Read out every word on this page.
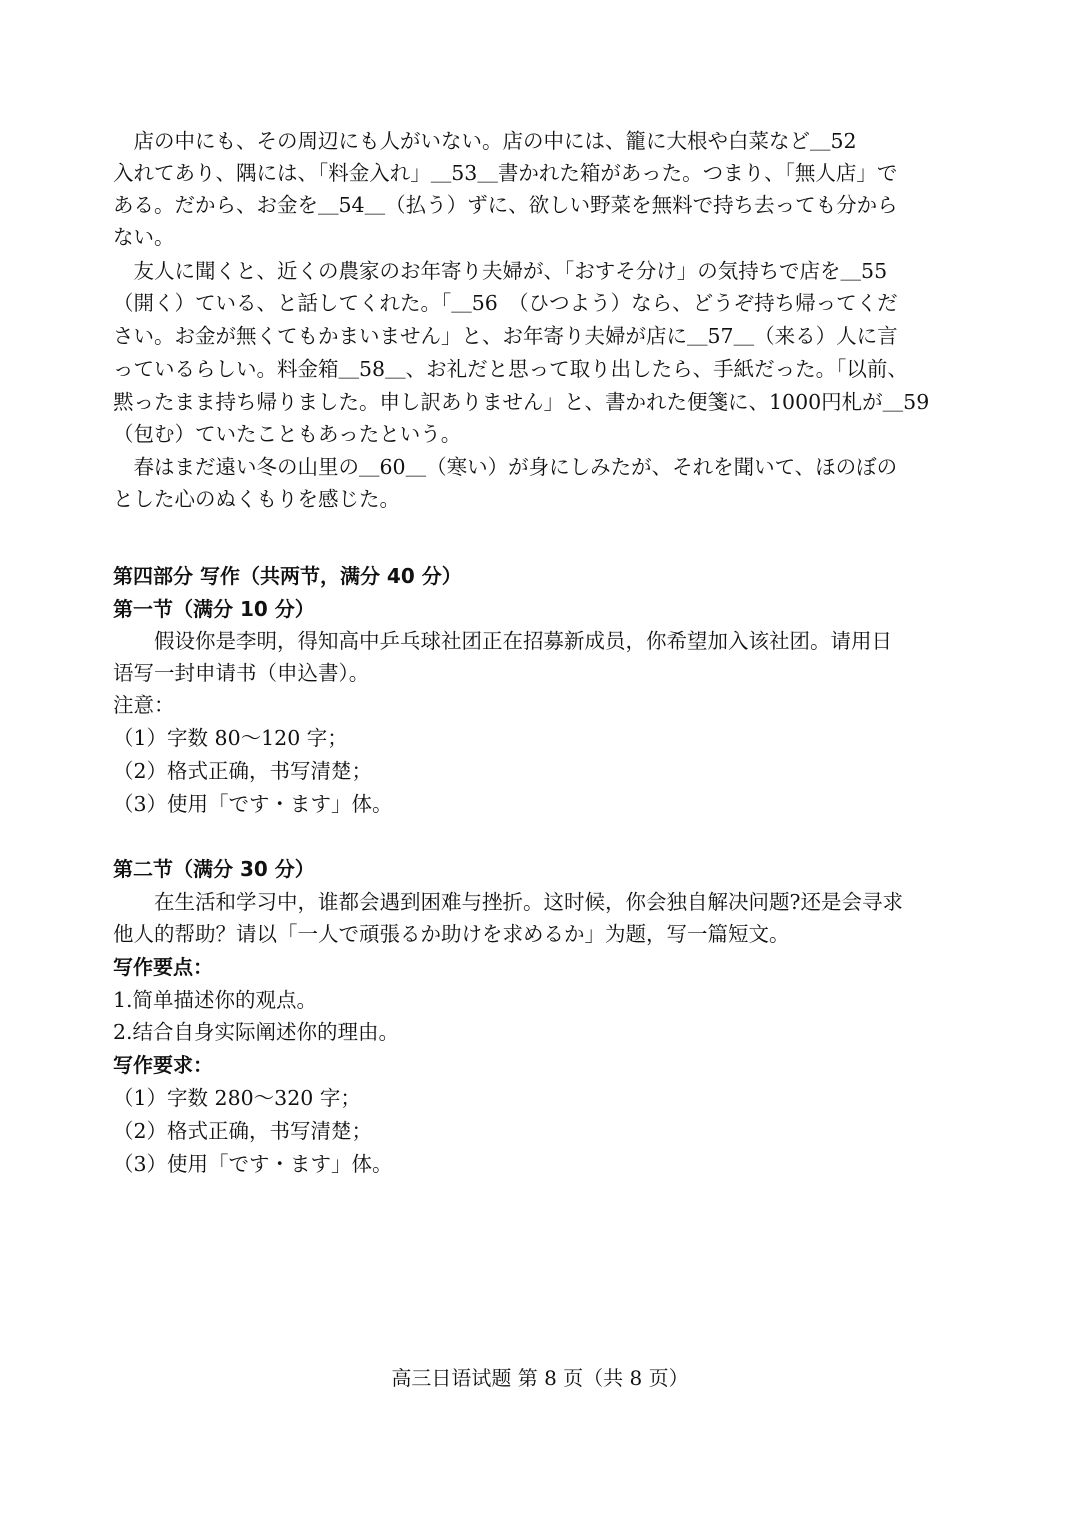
　店の中にも、その周辺にも人がいない。店の中には、籠に大根や白菜など＿52
入れてあり、隅には、「料金入れ」＿53＿書かれた箱があった。つまり、「無人店」で
ある。だから、お金を＿54＿（払う）ずに、欲しい野菜を無料で持ち去っても分から
ない。
　友人に聞くと、近くの農家のお年寄り夫婦が、「おすそ分け」の気持ちで店を＿55
（開く）ている、と話してくれた。「＿56　（ひつよう）なら、どうぞ持ち帰ってくだ
さい。お金が無くてもかまいません」と、お年寄り夫婦が店に＿57＿（来る）人に言
っているらしい。料金箱＿58＿、お礼だと思って取り出したら、手紙だった。「以前、
黙ったまま持ち帰りました。申し訳ありません」と、書かれた便箋に、1000円札が＿59
（包む）ていたこともあったという。
　春はまだ遠い冬の山里の＿60＿（寒い）が身にしみたが、それを聞いて、ほのぼの
とした心のぬくもりを感じた。
第四部分 写作（共两节，满分 40 分）
第一节（满分 10 分）
　　假设你是李明，得知高中乒乓球社团正在招募新成员，你希望加入该社团。请用日
语写一封申请书（申込書）。
注意：
（1）字数 80～120 字；
（2）格式正确，书写清楚；
（3）使用「です・ます」体。
第二节（满分 30 分）
　　在生活和学习中，谁都会遇到困难与挫折。这时候，你会独自解决问题?还是会寻求
他人的帮助？请以「一人で頑張るか助けを求めるか」为题，写一篇短文。
写作要点：
1.简单描述你的观点。
2.结合自身实际阐述你的理由。
写作要求：
（1）字数 280～320 字；
（2）格式正确，书写清楚；
（3）使用「です・ます」体。
高三日语试题 第 8 页（共 8 页）
